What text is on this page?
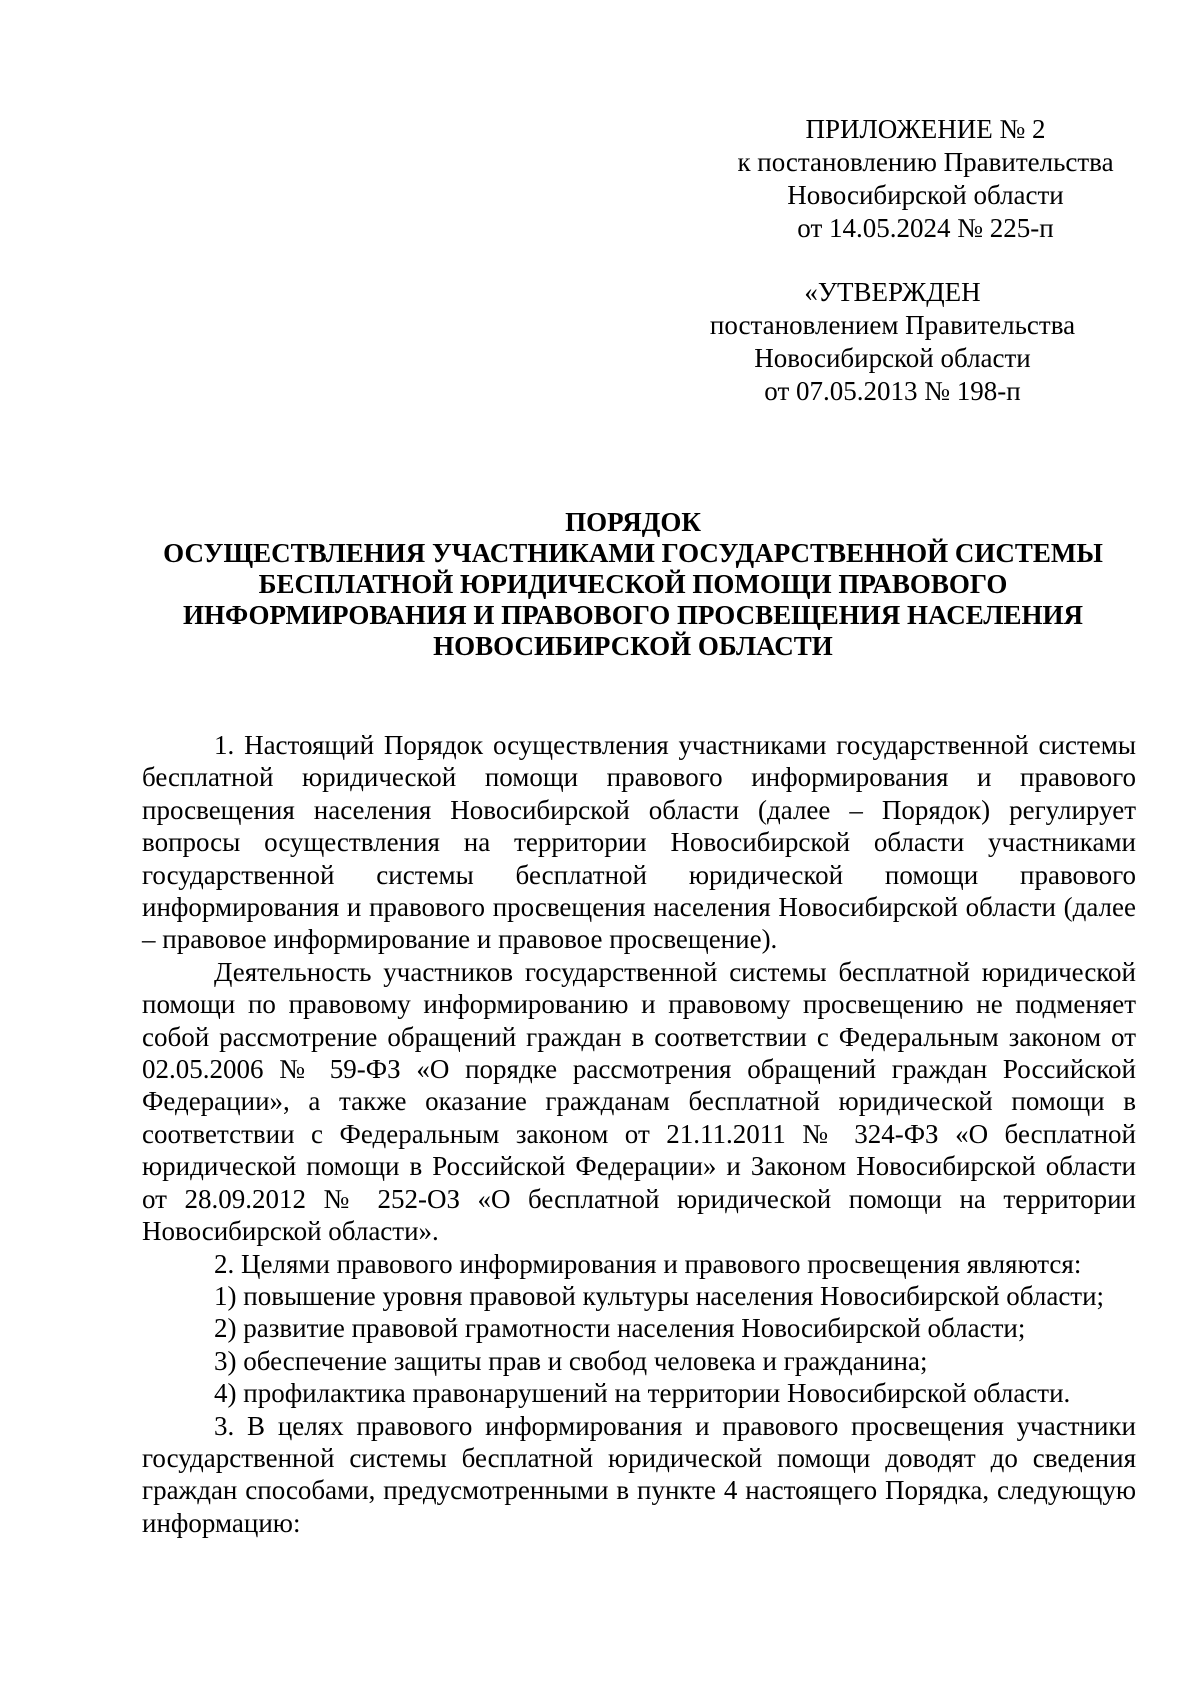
ПРИЛОЖЕНИЕ № 2
к постановлению Правительства
Новосибирской области
от 14.05.2024 № 225-п
«УТВЕРЖДЕН
постановлением Правительства
Новосибирской области
от 07.05.2013 № 198-п
ПОРЯДОК
ОСУЩЕСТВЛЕНИЯ УЧАСТНИКАМИ ГОСУДАРСТВЕННОЙ СИСТЕМЫ
БЕСПЛАТНОЙ ЮРИДИЧЕСКОЙ ПОМОЩИ ПРАВОВОГО
ИНФОРМИРОВАНИЯ И ПРАВОВОГО ПРОСВЕЩЕНИЯ НАСЕЛЕНИЯ
НОВОСИБИРСКОЙ ОБЛАСТИ

1. Настоящий Порядок осуществления участниками государственной системы бесплатной юридической помощи правового информирования и правового просвещения населения Новосибирской области (далее – Порядок) регулирует вопросы осуществления на территории Новосибирской области участниками государственной системы бесплатной юридической помощи правового информирования и правового просвещения населения Новосибирской области (далее – правовое информирование и правовое просвещение).

Деятельность участников государственной системы бесплатной юридической помощи по правовому информированию и правовому просвещению не подменяет собой рассмотрение обращений граждан в соответствии с Федеральным законом от 02.05.2006 № 59-ФЗ «О порядке рассмотрения обращений граждан Российской Федерации», а также оказание гражданам бесплатной юридической помощи в соответствии с Федеральным законом от 21.11.2011 № 324-ФЗ «О бесплатной юридической помощи в Российской Федерации» и Законом Новосибирской области от 28.09.2012 № 252-ОЗ «О бесплатной юридической помощи на территории Новосибирской области».

2. Целями правового информирования и правового просвещения являются:

1) повышение уровня правовой культуры населения Новосибирской области;

2) развитие правовой грамотности населения Новосибирской области;

3) обеспечение защиты прав и свобод человека и гражданина;

4) профилактика правонарушений на территории Новосибирской области.

3. В целях правового информирования и правового просвещения участники государственной системы бесплатной юридической помощи доводят до сведения граждан способами, предусмотренными в пункте 4 настоящего Порядка, следующую информацию:
